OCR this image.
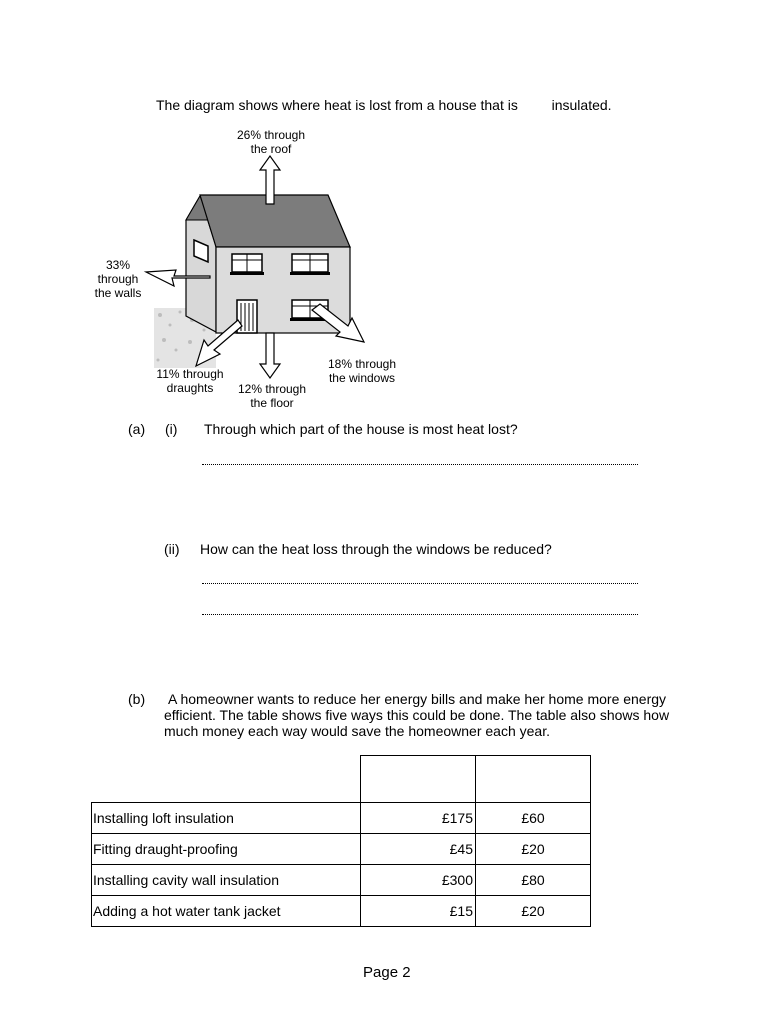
The diagram shows where heat is lost from a house that is insulated.
26% through
the roof
33%
through
the walls
11% through
draughts	12% through
the floor
18% through
the windows
(a) (i) Through which part of the house is most heat lost?
(ii) How can the heat loss through the windows be reduced?
(b) A homeowner wants to reduce her energy bills and make her home more energy
efficient. The table shows five ways this could be done. The table also shows how
much money each way would save the homeowner each year.

Installing loft insulation	£175	£60
Fitting draught-proofing	£45	£20
Installing cavity wall insulation	£300	£80
Adding a hot water tank jacket	£15	£20
Page 2
